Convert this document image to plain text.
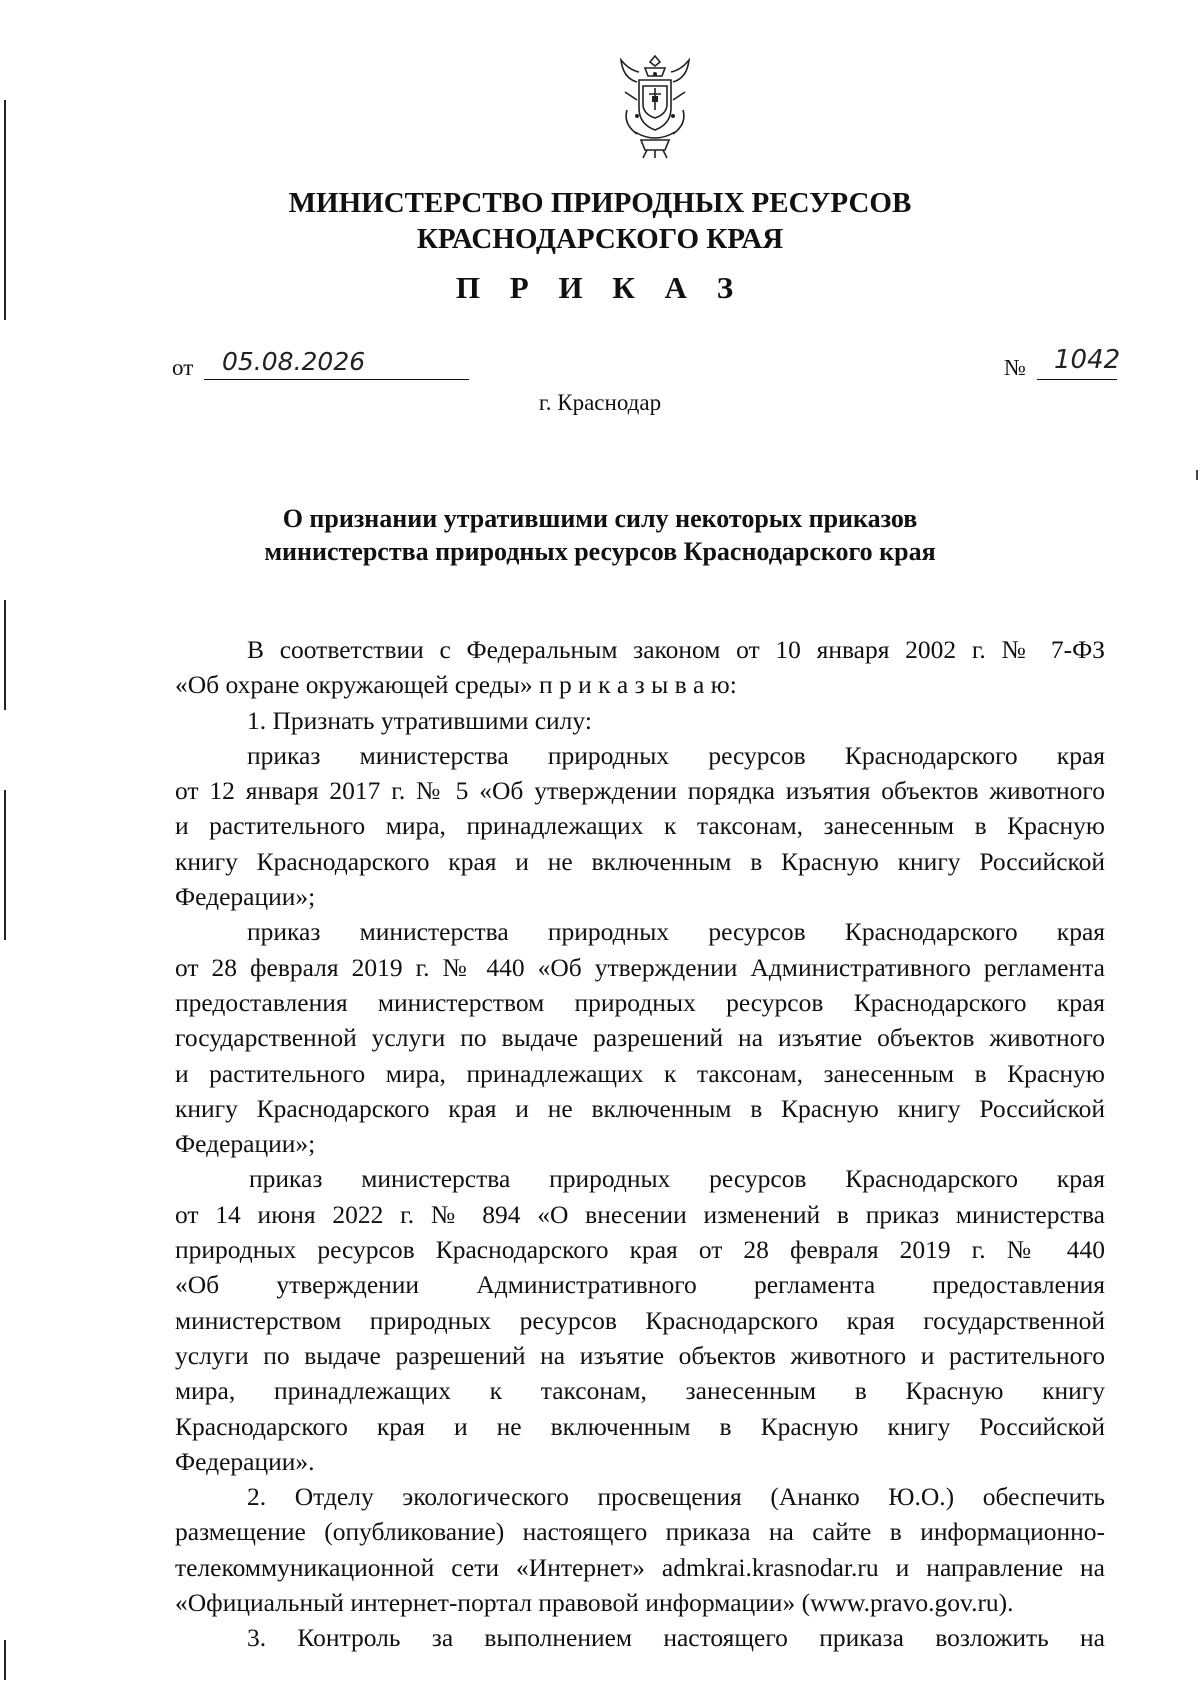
МИНИСТЕРСТВО ПРИРОДНЫХ РЕСУРСОВ
КРАСНОДАРСКОГО КРАЯ
П Р И К А З
от 05.08.2026	№ 1042
г. Краснодар
О признании утратившими силу некоторых приказов
министерства природных ресурсов Краснодарского края
В соответствии с Федеральным законом от 10 января 2002 г. № 7-ФЗ
«Об охране окружающей среды» п р и к а з ы в а ю:
1. Признать утратившими силу:
приказ министерства природных ресурсов Краснодарского края
от 12 января 2017 г. № 5 «Об утверждении порядка изъятия объектов животного
и растительного мира, принадлежащих к таксонам, занесенным в Красную
книгу Краснодарского края и не включенным в Красную книгу Российской
Федерации»;
приказ министерства природных ресурсов Краснодарского края
от 28 февраля 2019 г. № 440 «Об утверждении Административного регламента
предоставления министерством природных ресурсов Краснодарского края
государственной услуги по выдаче разрешений на изъятие объектов животного
и растительного мира, принадлежащих к таксонам, занесенным в Красную
книгу Краснодарского края и не включенным в Красную книгу Российской
Федерации»;
приказ министерства природных ресурсов Краснодарского края
от 14 июня 2022 г. № 894 «О внесении изменений в приказ министерства
природных ресурсов Краснодарского края от 28 февраля 2019 г. № 440
«Об утверждении Административного регламента предоставления
министерством природных ресурсов Краснодарского края государственной
услуги по выдаче разрешений на изъятие объектов животного и растительного
мира, принадлежащих к таксонам, занесенным в Красную книгу
Краснодарского края и не включенным в Красную книгу Российской
Федерации».
2. Отделу экологического просвещения (Ананко Ю.О.) обеспечить
размещение (опубликование) настоящего приказа на сайте в информационно-
телекоммуникационной сети «Интернет» admkrai.krasnodar.ru и направление на
«Официальный интернет-портал правовой информации» (www.pravo.gov.ru).
3. Контроль за выполнением настоящего приказа возложить на
